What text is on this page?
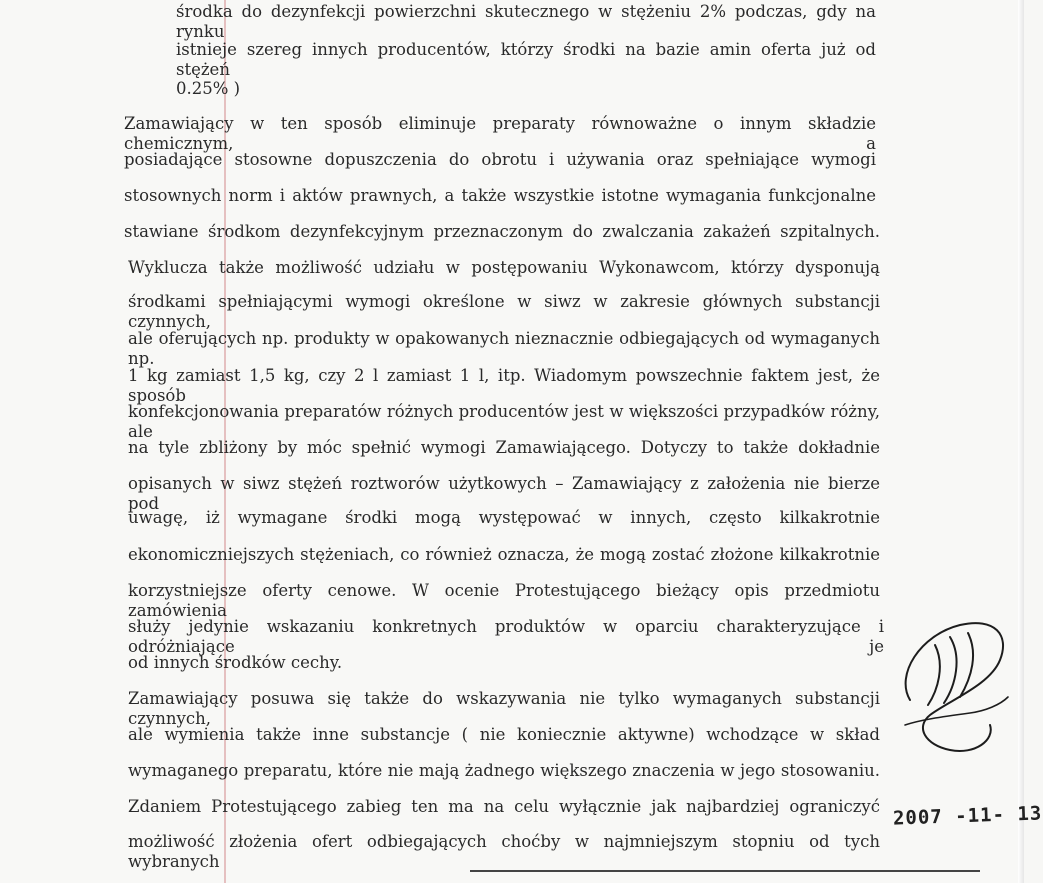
środka do dezynfekcji powierzchni skutecznego w stężeniu 2% podczas, gdy na rynku
istnieje szereg innych producentów, którzy środki na bazie amin oferta już od stężeń
0.25% )
Zamawiający w ten sposób eliminuje preparaty równoważne o innym składzie chemicznym, a
posiadające stosowne dopuszczenia do obrotu i używania oraz spełniające wymogi
stosownych norm i aktów prawnych, a także wszystkie istotne wymagania funkcjonalne
stawiane środkom dezynfekcyjnym przeznaczonym do zwalczania zakażeń szpitalnych.
Wyklucza także możliwość udziału w postępowaniu Wykonawcom, którzy dysponują
środkami spełniającymi wymogi określone w siwz w zakresie głównych substancji czynnych,
ale oferujących np. produkty w opakowanych nieznacznie odbiegających od wymaganych np.
1 kg zamiast 1,5 kg, czy 2 l zamiast 1 l, itp. Wiadomym powszechnie faktem jest, że sposób
konfekcjonowania preparatów różnych producentów jest w większości przypadków różny, ale
na tyle zbliżony by móc spełnić wymogi Zamawiającego. Dotyczy to także dokładnie
opisanych w siwz stężeń roztworów użytkowych – Zamawiający z założenia nie bierze pod
uwagę, iż wymagane środki mogą występować w innych, często kilkakrotnie
ekonomiczniejszych stężeniach, co również oznacza, że mogą zostać złożone kilkakrotnie
korzystniejsze oferty cenowe. W ocenie Protestującego bieżący opis przedmiotu zamówienia
służy jedynie wskazaniu konkretnych produktów w oparciu charakteryzujące i odróżniające je
od innych środków cechy.
Zamawiający posuwa się także do wskazywania nie tylko wymaganych substancji czynnych,
ale wymienia także inne substancje ( nie koniecznie aktywne) wchodzące w skład
wymaganego preparatu, które nie mają żadnego większego znaczenia w jego stosowaniu.
Zdaniem Protestującego zabieg ten ma na celu wyłącznie jak najbardziej ograniczyć
możliwość złożenia ofert odbiegających choćby w najmniejszym stopniu od tych wybranych
2007 -11- 13
